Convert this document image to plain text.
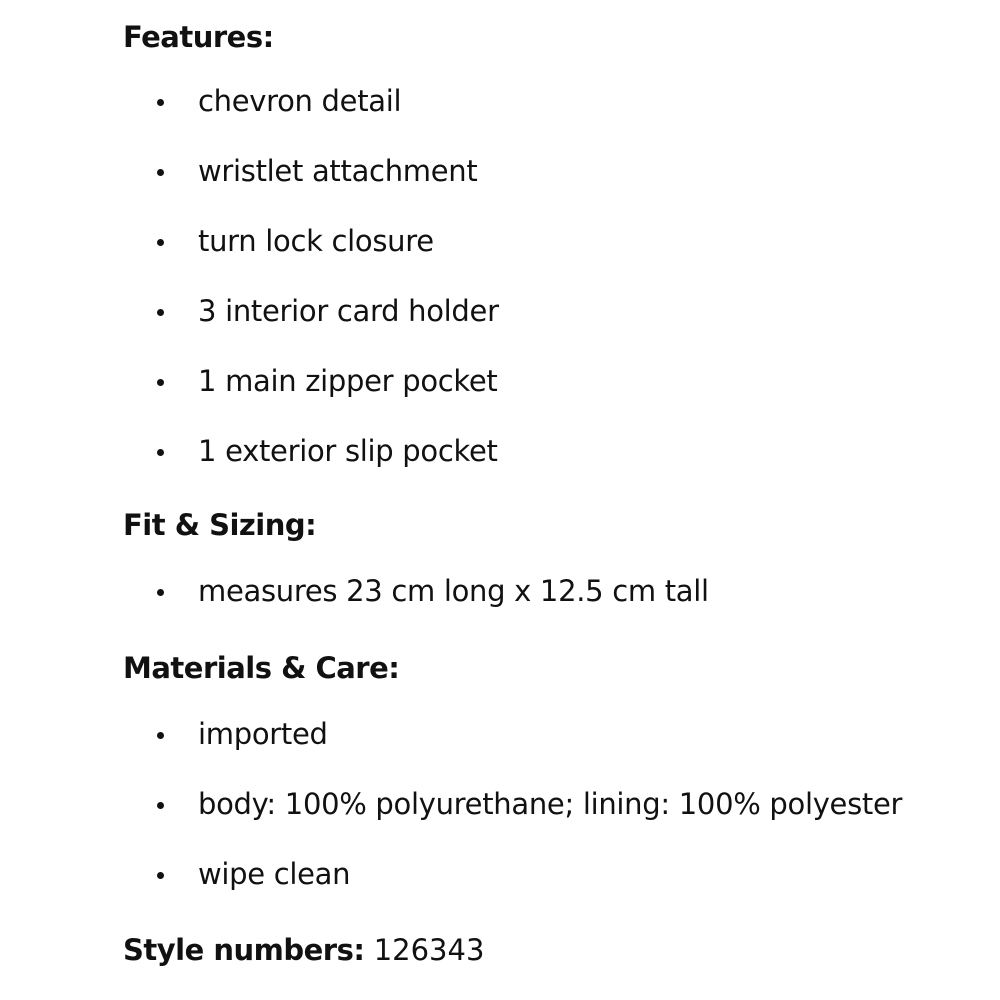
Features:
chevron detail
wristlet attachment
turn lock closure
3 interior card holder
1 main zipper pocket
1 exterior slip pocket
Fit & Sizing:
measures 23 cm long x 12.5 cm tall
Materials & Care:
imported
body: 100% polyurethane; lining: 100% polyester
wipe clean
Style numbers: 126343
